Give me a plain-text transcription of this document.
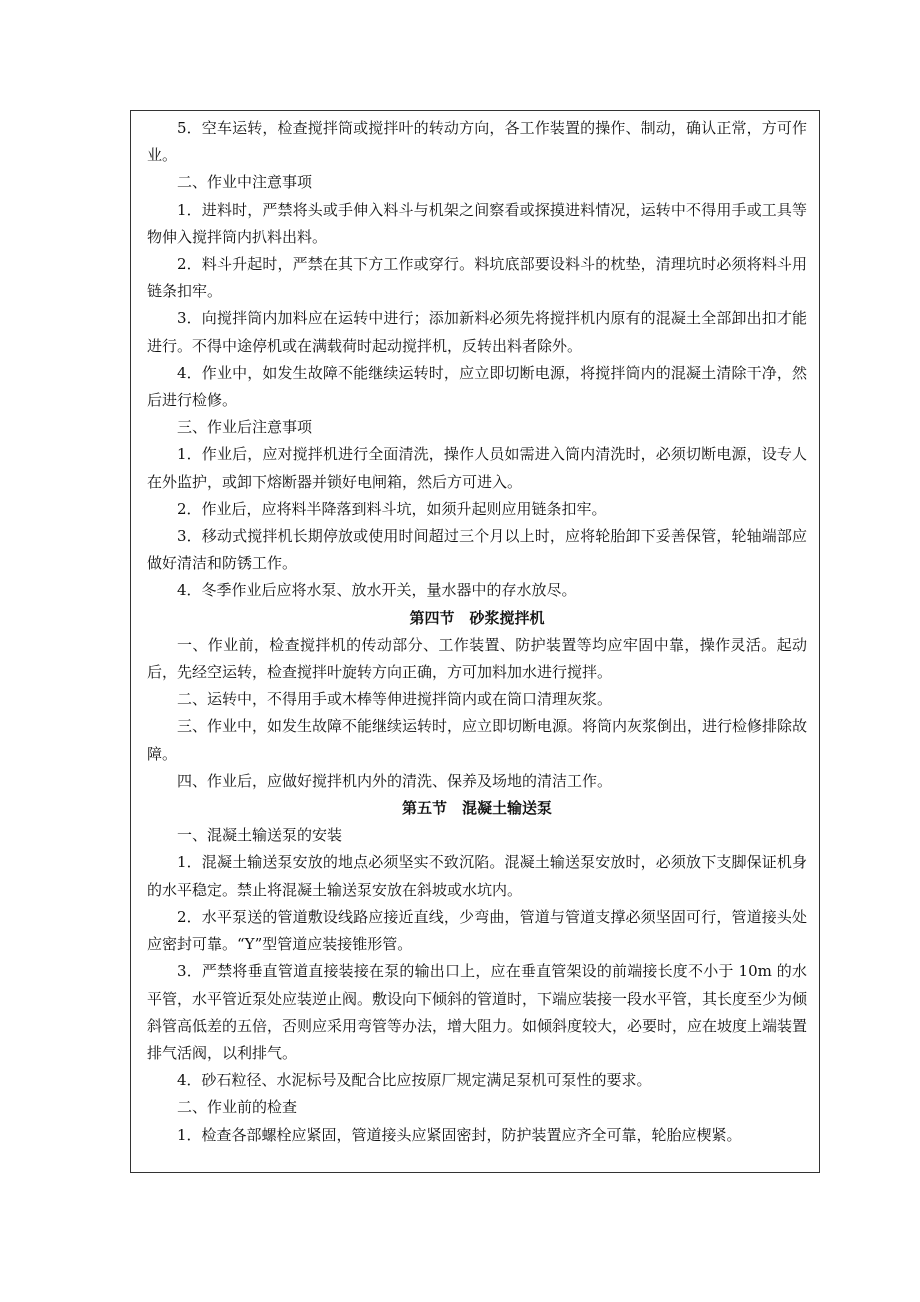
5．空车运转，检查搅拌筒或搅拌叶的转动方向，各工作装置的操作、制动，确认正常，方可作业。

二、作业中注意事项

1．进料时，严禁将头或手伸入料斗与机架之间察看或探摸进料情况，运转中不得用手或工具等物伸入搅拌筒内扒料出料。

2．料斗升起时，严禁在其下方工作或穿行。料坑底部要设料斗的枕垫，清理坑时必须将料斗用链条扣牢。

3．向搅拌筒内加料应在运转中进行；添加新料必须先将搅拌机内原有的混凝土全部卸出扣才能进行。不得中途停机或在满载荷时起动搅拌机，反转出料者除外。

4．作业中，如发生故障不能继续运转时，应立即切断电源，将搅拌筒内的混凝土清除干净，然后进行检修。

三、作业后注意事项

1．作业后，应对搅拌机进行全面清洗，操作人员如需进入筒内清洗时，必须切断电源，设专人在外监护，或卸下熔断器并锁好电闸箱，然后方可进入。

2．作业后，应将料半降落到料斗坑，如须升起则应用链条扣牢。

3．移动式搅拌机长期停放或使用时间超过三个月以上时，应将轮胎卸下妥善保管，轮轴端部应做好清洁和防锈工作。

4．冬季作业后应将水泵、放水开关，量水器中的存水放尽。

第四节　砂浆搅拌机

一、作业前，检查搅拌机的传动部分、工作装置、防护装置等均应牢固中靠，操作灵活。起动后，先经空运转，检查搅拌叶旋转方向正确，方可加料加水进行搅拌。

二、运转中，不得用手或木棒等伸进搅拌筒内或在筒口清理灰浆。

三、作业中，如发生故障不能继续运转时，应立即切断电源。将筒内灰浆倒出，进行检修排除故障。

四、作业后，应做好搅拌机内外的清洗、保养及场地的清洁工作。

第五节　混凝土输送泵

一、混凝土输送泵的安装

1．混凝土输送泵安放的地点必须坚实不致沉陷。混凝土输送泵安放时，必须放下支脚保证机身的水平稳定。禁止将混凝土输送泵安放在斜坡或水坑内。

2．水平泵送的管道敷设线路应接近直线，少弯曲，管道与管道支撑必须坚固可行，管道接头处应密封可靠。“Y”型管道应装接锥形管。

3．严禁将垂直管道直接装接在泵的输出口上，应在垂直管架设的前端接长度不小于 10m 的水平管，水平管近泵处应装逆止阀。敷设向下倾斜的管道时，下端应装接一段水平管，其长度至少为倾斜管高低差的五倍，否则应采用弯管等办法，增大阻力。如倾斜度较大，必要时，应在坡度上端装置排气活阀，以利排气。

4．砂石粒径、水泥标号及配合比应按原厂规定满足泵机可泵性的要求。

二、作业前的检查

1．检查各部螺栓应紧固，管道接头应紧固密封，防护装置应齐全可靠，轮胎应楔紧。
